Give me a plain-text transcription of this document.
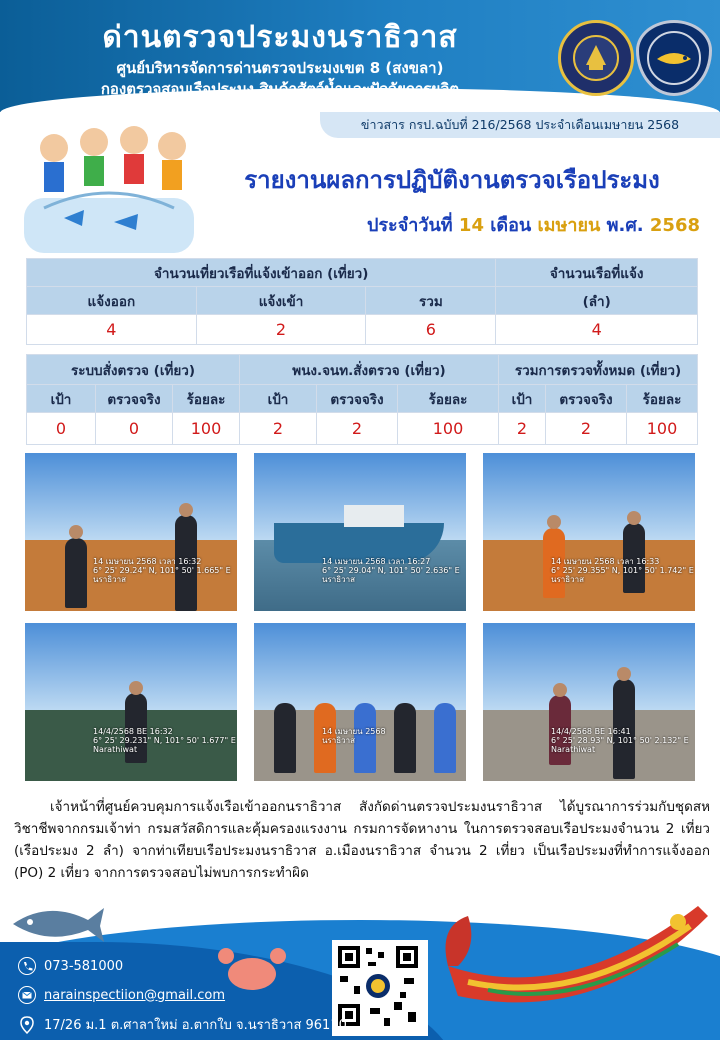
ด่านตรวจประมงนราธิวาส
ศูนย์บริหารจัดการด่านตรวจประมงเขต 8 (สงขลา)
กองตรวจสอบเรือประมง สินค้าสัตว์น้ำและปัจจัยการผลิต
ข่าวสาร กรป.ฉบับที่ 216/2568 ประจำเดือนเมษายน 2568
รายงานผลการปฏิบัติงานตรวจเรือประมง
ประจำวันที่ 14 เดือน เมษายน พ.ศ. 2568
จำนวนเที่ยวเรือที่แจ้งเข้าออก (เที่ยว)			จำนวนเรือที่แจ้ง
แจ้งออก	แจ้งเข้า	รวม	(ลำ)
4	2	6	4
ระบบสั่งตรวจ (เที่ยว)			พนง.จนท.สั่งตรวจ (เที่ยว)			รวมการตรวจทั้งหมด (เที่ยว)		
เป้า	ตรวจจริง	ร้อยละ	เป้า	ตรวจจริง	ร้อยละ	เป้า	ตรวจจริง	ร้อยละ
0	0	100	2	2	100	2	2	100
14 เมษายน 2568 เวลา 16:32
6° 25' 29.24" N, 101° 50' 1.665" E
นราธิวาส
14 เมษายน 2568 เวลา 16:27
6° 25' 29.04" N, 101° 50' 2.636" E
นราธิวาส
14 เมษายน 2568 เวลา 16:33
6° 25' 29.355" N, 101° 50' 1.742" E
นราธิวาส
14/4/2568 BE 16:32
6° 25' 29.231" N, 101° 50' 1.677" E
Narathiwat
14 เมษายน 2568
นราธิวาส
14/4/2568 BE 16:41
6° 25' 28.93" N, 101° 50' 2.132" E
Narathiwat
เจ้าหน้าที่ศูนย์ควบคุมการแจ้งเรือเข้าออกนราธิวาส สังกัดด่านตรวจประมงนราธิวาส ได้บูรณาการร่วมกับชุดสหวิชาชีพจากกรมเจ้าท่า กรมสวัสดิการและคุ้มครองแรงงาน กรมการจัดหางาน ในการตรวจสอบเรือประมงจำนวน 2 เที่ยว (เรือประมง 2 ลำ) จากท่าเทียบเรือประมงนราธิวาส อ.เมืองนราธิวาส จำนวน 2 เที่ยว เป็นเรือประมงที่ทำการแจ้งออก (PO) 2 เที่ยว จากการตรวจสอบไม่พบการกระทำผิด
073-581000
narainspectiion@gmail.com
17/26 ม.1 ต.ศาลาใหม่ อ.ตากใบ จ.นราธิวาส 96110
